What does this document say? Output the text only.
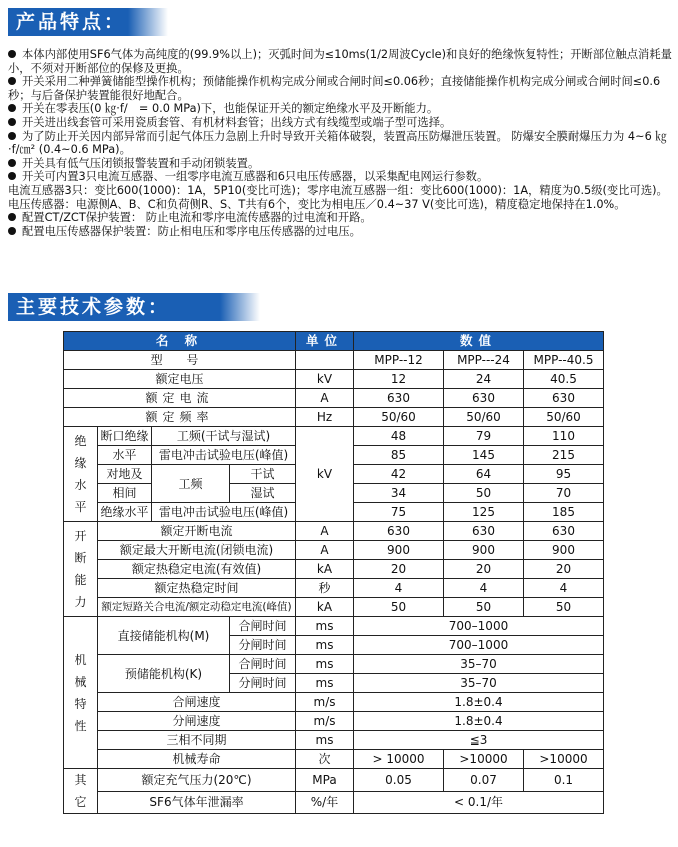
产品特点：

本体内部使用SF6气体为高纯度的(99.9%以上)；灭弧时间为≤10ms(1/2周波Cycle)和良好的绝缘恢复特性；开断部位触点消耗量小，不须对开断部位的保修及更换。

开关采用二种弹簧储能型操作机构；预储能操作机构完成分闸或合闸时间≤0.06秒；直接储能操作机构完成分闸或合闸时间≤0.6秒；与后备保护装置能很好地配合。

开关在零表压(0 ㎏·f/　= 0.0 MPa)下，也能保证开关的额定绝缘水平及开断能力。

开关进出线套管可采用瓷质套管、有机材料套管；出线方式有线缆型或端子型可选择。

为了防止开关因内部异常而引起气体压力急剧上升时导致开关箱体破裂，装置高压防爆泄压装置。 防爆安全膜耐爆压力为 4~6 ㎏·f/㎝² (0.4~0.6 MPa)。

开关具有低气压闭锁报警装置和手动闭锁装置。

开关可内置3只电流互感器、一组零序电流互感器和6只电压传感器，以采集配电网运行参数。

电流互感器3只：变比600(1000)：1A，5P10(变比可选)；零序电流互感器一组：变比600(1000)：1A，精度为0.5级(变比可选)。

电压传感器：电源侧A、B、C和负荷侧R、S、T共有6个，变比为相电压／0.4~37 V(变比可选)，精度稳定地保持在1.0%。

配置CT/ZCT保护装置： 防止电流和零序电流传感器的过电流和开路。

配置电压传感器保护装置：防止相电压和零序电压传感器的过电压。

主要技术参数：
名 称				单位	数值		
型 号					MPP--12	MPP---24	MPP--40.5
额定电压				kV	12	24	40.5
额定电流				A	630	630	630
额定频率				Hz	50/60	50/60	50/60
绝
缘
水
平	断口绝缘	工频(干试与湿试)		kV	48	79	110
	水平	雷电冲击试验电压(峰值)			85	145	215
	对地及	工频	干试		42	64	95
	相间		湿试		34	50	70
	绝缘水平	雷电冲击试验电压(峰值)			75	125	185
开
断
能
力	额定开断电流			A	630	630	630
	额定最大开断电流(闭锁电流)			A	900	900	900
	额定热稳定电流(有效值)			kA	20	20	20
	额定热稳定时间			秒	4	4	4
	额定短路关合电流/额定动稳定电流(峰值)			kA	50	50	50
机
械
特
性	直接储能机构(M)		合闸时间	ms	700–1000		
			分闸时间	ms	700–1000		
	预储能机构(K)		合闸时间	ms	35–70		
			分闸时间	ms	35–70		
	合闸速度			m/s	1.8±0.4		
	分闸速度			m/s	1.8±0.4		
	三相不同期			ms	≦3		
	机械寿命			次	> 10000	>10000	>10000
其
它	额定充气压力(20℃)			MPa	0.05	0.07	0.1
	SF6气体年泄漏率			%/年	< 0.1/年		
